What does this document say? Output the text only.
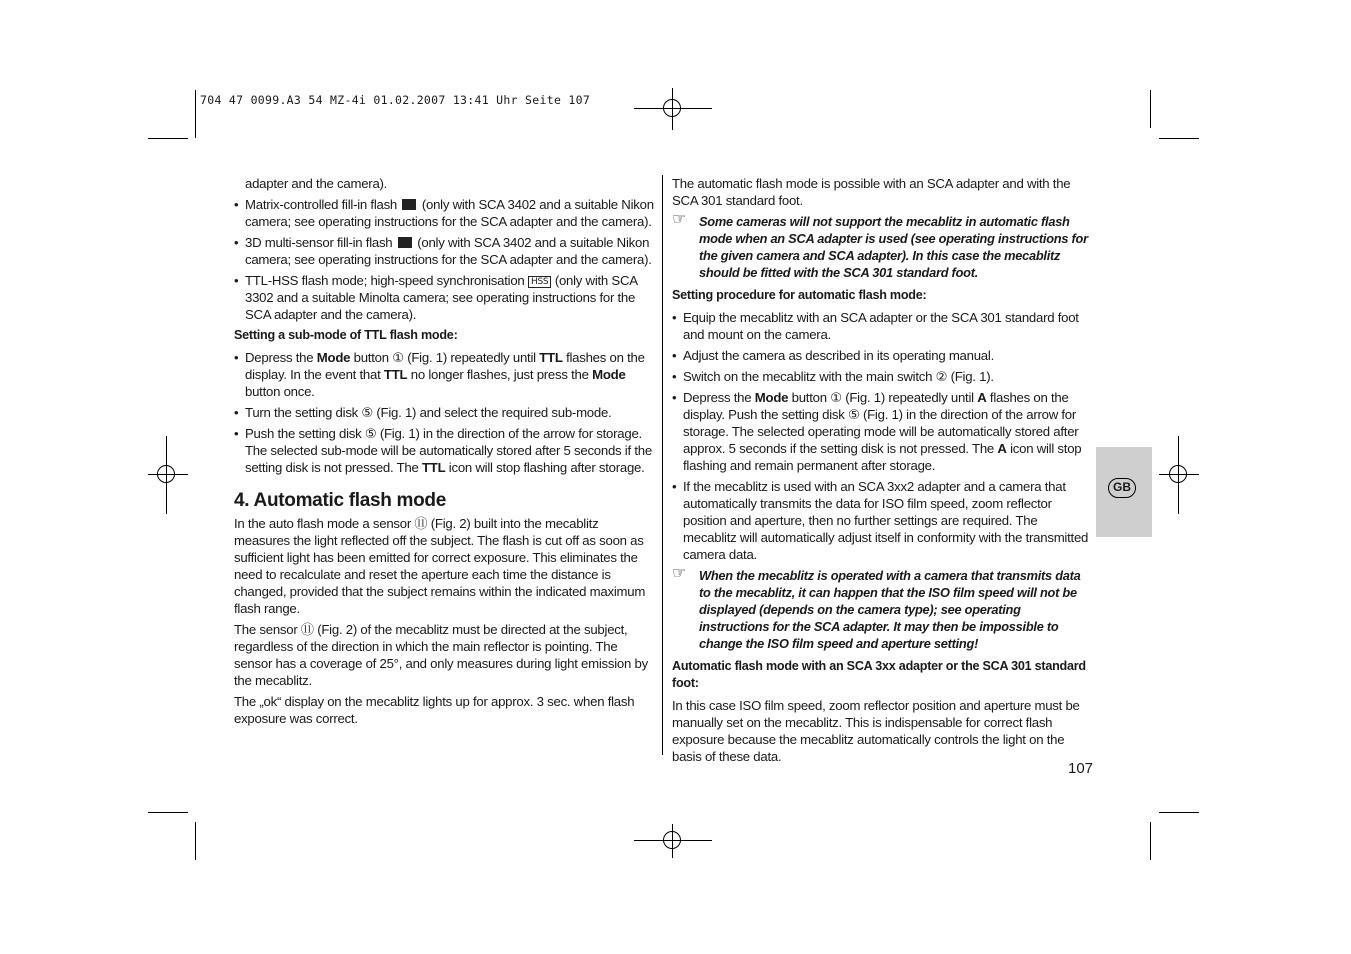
704 47 0099.A3 54 MZ-4i 01.02.2007 13:41 Uhr Seite 107

adapter and the camera).

• Matrix-controlled fill-in flash (only with SCA 3402 and a suitable Nikon camera; see operating instructions for the SCA adapter and the camera).
• 3D multi-sensor fill-in flash (only with SCA 3402 and a suitable Nikon camera; see operating instructions for the SCA adapter and the camera).
• TTL-HSS flash mode; high-speed synchronisation HSS (only with SCA 3302 and a suitable Minolta camera; see operating instructions for the SCA adapter and the camera).
Setting a sub-mode of TTL flash mode:
• Depress the Mode button ① (Fig. 1) repeatedly until TTL flashes on the display. In the event that TTL no longer flashes, just press the Mode button once.
• Turn the setting disk ⑤ (Fig. 1) and select the required sub-mode.
• Push the setting disk ⑤ (Fig. 1) in the direction of the arrow for storage. The selected sub-mode will be automatically stored after 5 seconds if the setting disk is not pressed. The TTL icon will stop flashing after storage.
4. Automatic flash mode

In the auto flash mode a sensor ⑪ (Fig. 2) built into the mecablitz measures the light reflected off the subject. The flash is cut off as soon as sufficient light has been emitted for correct exposure. This eliminates the need to recalculate and reset the aperture each time the distance is changed, provided that the subject remains within the indicated maximum flash range.

The sensor ⑪ (Fig. 2) of the mecablitz must be directed at the subject, regardless of the direction in which the main reflector is pointing. The sensor has a coverage of 25°, and only measures during light emission by the mecablitz.

The „ok“ display on the mecablitz lights up for approx. 3 sec. when flash exposure was correct.

The automatic flash mode is possible with an SCA adapter and with the SCA 301 standard foot.

☞ Some cameras will not support the mecablitz in automatic flash mode when an SCA adapter is used (see operating instructions for the given camera and SCA adapter). In this case the mecablitz should be fitted with the SCA 301 standard foot.
Setting procedure for automatic flash mode:
• Equip the mecablitz with an SCA adapter or the SCA 301 standard foot and mount on the camera.
• Adjust the camera as described in its operating manual.
• Switch on the mecablitz with the main switch ② (Fig. 1).
• Depress the Mode button ① (Fig. 1) repeatedly until A flashes on the display. Push the setting disk ⑤ (Fig. 1) in the direction of the arrow for storage. The selected operating mode will be automatically stored after approx. 5 seconds if the setting disk is not pressed. The A icon will stop flashing and remain permanent after storage.
• If the mecablitz is used with an SCA 3xx2 adapter and a camera that automatically transmits the data for ISO film speed, zoom reflector position and aperture, then no further settings are required. The mecablitz will automatically adjust itself in conformity with the transmitted camera data.
☞ When the mecablitz is operated with a camera that transmits data to the mecablitz, it can happen that the ISO film speed will not be displayed (depends on the camera type); see operating instructions for the SCA adapter. It may then be impossible to change the ISO film speed and aperture setting!
Automatic flash mode with an SCA 3xx adapter or the SCA 301 standard foot:

In this case ISO film speed, zoom reflector position and aperture must be manually set on the mecablitz. This is indispensable for correct flash exposure because the mecablitz automatically controls the light on the basis of these data.

GB
107
